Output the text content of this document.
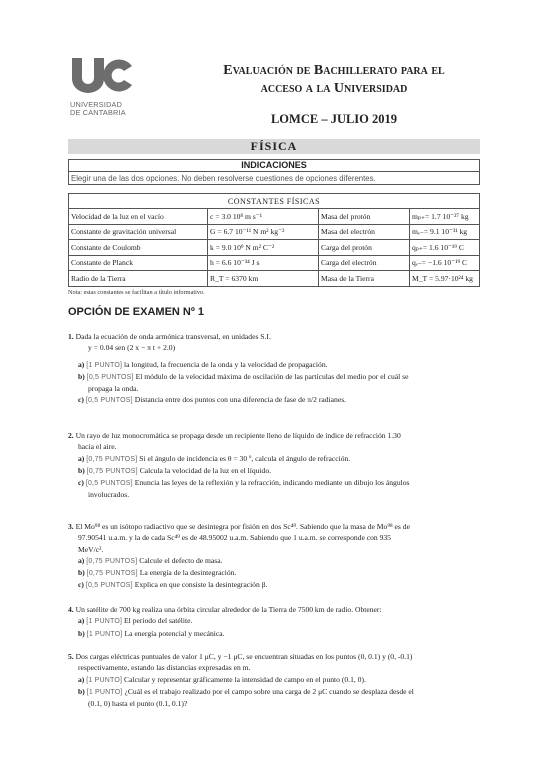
UNIVERSIDAD
DE CANTABRIA
Evaluación de Bachillerato para el
acceso a la Universidad
LOMCE – JULIO 2019
FÍSICA
INDICACIONES
Elegir una de las dos opciones. No deben resolverse cuestiones de opciones diferentes.
CONSTANTES FÍSICAS			
Velocidad de la luz en el vacío	c = 3.0 10⁸ m s⁻¹	Masa del protón	mₚ₊= 1.7 10⁻²⁷ kg
Constante de gravitación universal	G = 6.7 10⁻¹¹ N m² kg⁻²	Masa del electrón	mₑ₋= 9.1 10⁻³¹ kg
Constante de Coulomb	k = 9.0 10⁹ N m² C⁻²	Carga del protón	qₚ₊= 1.6 10⁻¹⁹ C
Constante de Planck	h = 6.6 10⁻³⁴ J s	Carga del electrón	qₑ₋= −1.6 10⁻¹⁹ C
Radio de la Tierra	R_T = 6370 km	Masa de la Tierra	M_T = 5.97·10²⁴ kg
Nota: estas constantes se facilitan a título informativo.
OPCIÓN DE EXAMEN Nº 1

1. Dada la ecuación de onda armónica transversal, en unidades S.I.

y = 0.04 sen (2 x − π t + 2.0)

a) [1 PUNTO] la longitud, la frecuencia de la onda y la velocidad de propagación.

b) [0,5 PUNTOS] El módulo de la velocidad máxima de oscilación de las partículas del medio por el cuál se

propaga la onda.

c) [0,5 PUNTOS] Distancia entre dos puntos con una diferencia de fase de π/2 radianes.

2. Un rayo de luz monocromática se propaga desde un recipiente lleno de líquido de índice de refracción 1.30

hacia el aire.

a) [0,75 PUNTOS] Si el ángulo de incidencia es θ = 30 º, calcula el ángulo de refracción.

b) [0,75 PUNTOS] Calcula la velocidad de la luz en el líquido.

c) [0,5 PUNTOS] Enuncia las leyes de la reflexión y la refracción, indicando mediante un dibujo los ángulos

involucrados.

3. El Mo⁹⁸ es un isótopo radiactivo que se desintegra por fisión en dos Sc⁴⁹. Sabiendo que la masa de Mo⁹⁸ es de

97.90541 u.a.m. y la de cada Sc⁴⁹ es de 48.95002 u.a.m. Sabiendo que 1 u.a.m. se corresponde con 935

MeV/c².

a) [0,75 PUNTOS] Calcule el defecto de masa.

b) [0,75 PUNTOS] La energía de la desintegración.

c) [0,5 PUNTOS] Explica en que consiste la desintegración β.

4. Un satélite de 700 kg realiza una órbita circular alrededor de la Tierra de 7500 km de radio. Obtener:

a) [1 PUNTO] El periodo del satélite.

b) [1 PUNTO] La energía potencial y mecánica.

5. Dos cargas eléctricas puntuales de valor 1 μC, y −1 μC, se encuentran situadas en los puntos (0, 0.1) y (0, -0.1)

respectivamente, estando las distancias expresadas en m.

a) [1 PUNTO] Calcular y representar gráficamente la intensidad de campo en el punto (0.1, 0).

b) [1 PUNTO] ¿Cuál es el trabajo realizado por el campo sobre una carga de 2 μC cuando se desplaza desde el

(0.1, 0) hasta el punto (0.1, 0.1)?
